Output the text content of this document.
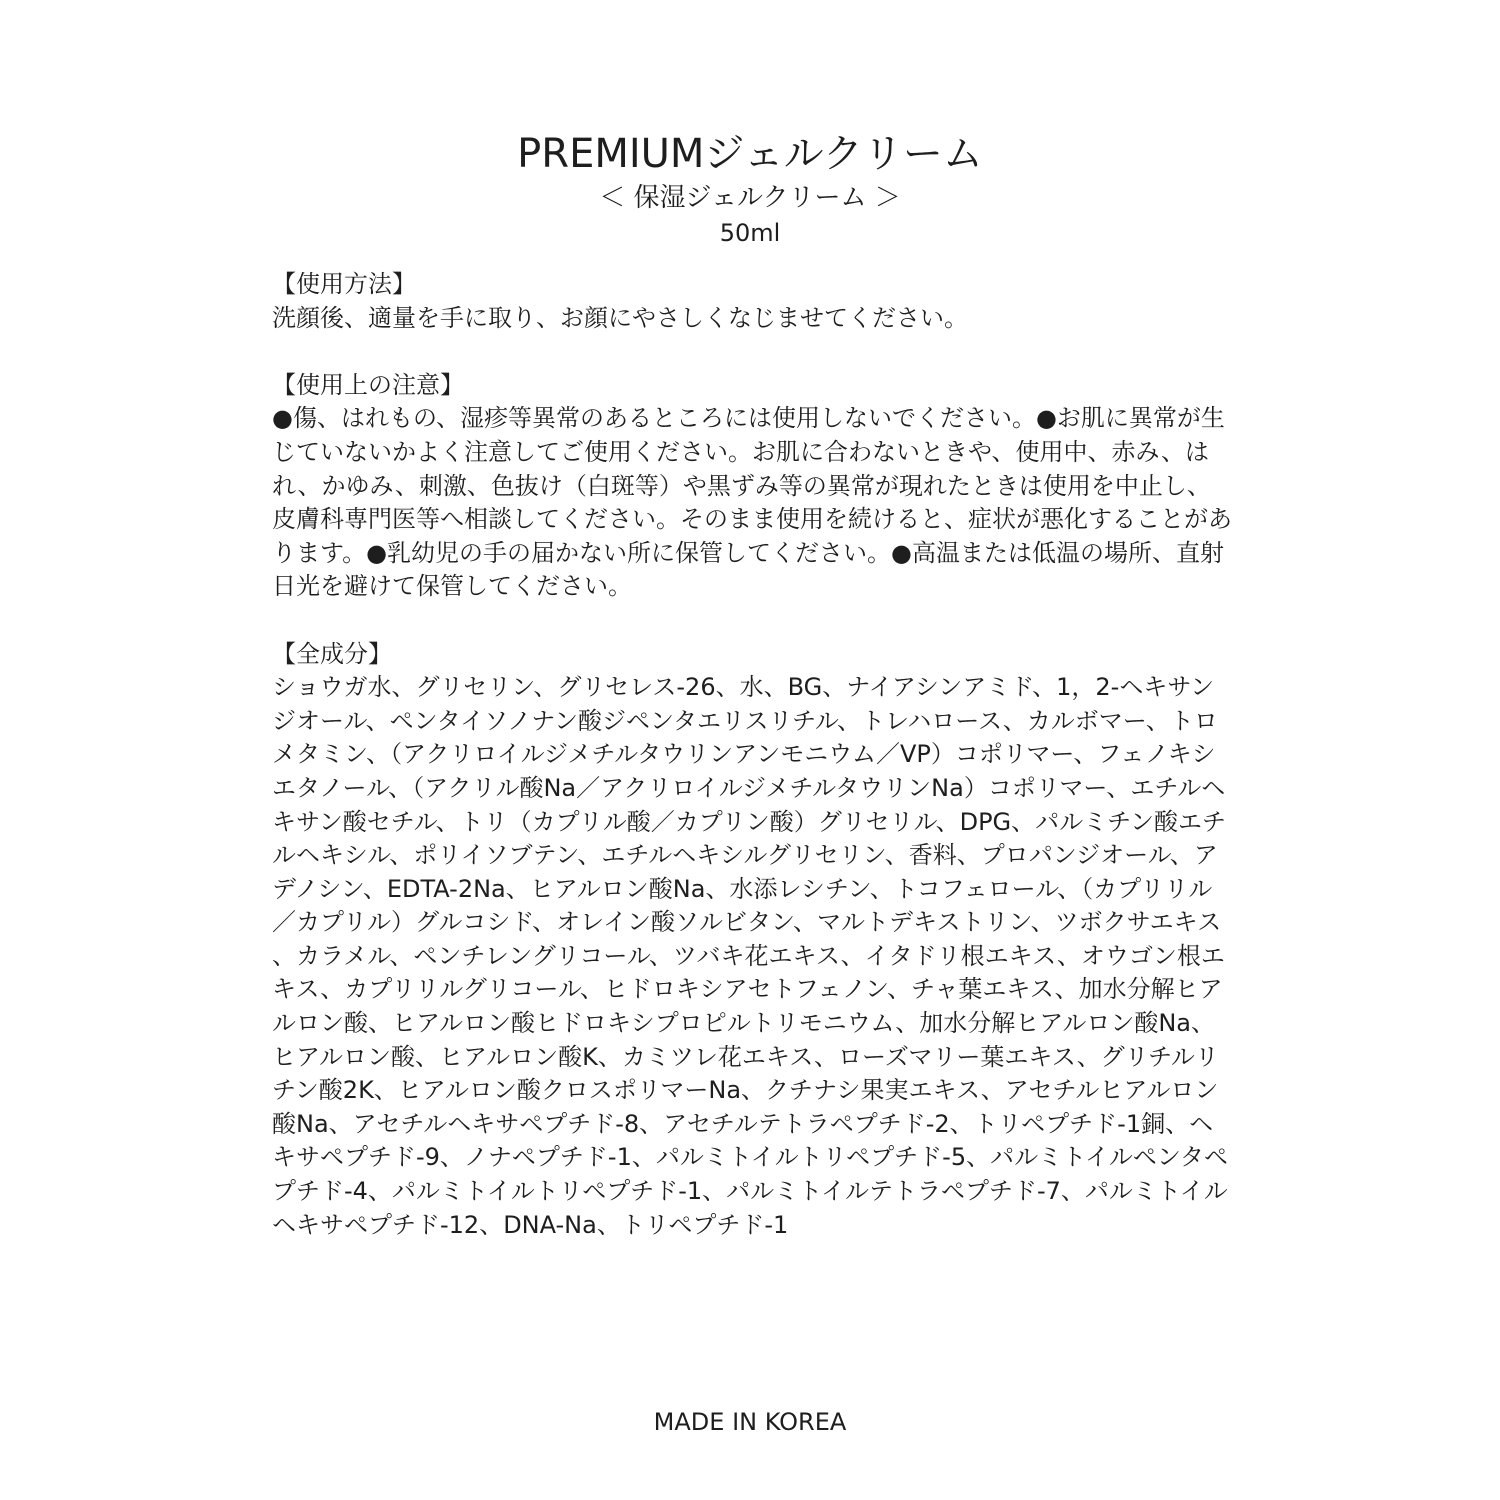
PREMIUMジェルクリーム
＜ 保湿ジェルクリーム ＞
50ml

【使用方法】

洗顔後、適量を手に取り、お顔にやさしくなじませてください。

【使用上の注意】

●傷、はれもの、湿疹等異常のあるところには使用しないでください。●お肌に異常が生じていないかよく注意してご使用ください。お肌に合わないときや、使用中、赤み、はれ、かゆみ、刺激、色抜け（白斑等）や黒ずみ等の異常が現れたときは使用を中止し、皮膚科専門医等へ相談してください。そのまま使用を続けると、症状が悪化することがあります。●乳幼児の手の届かない所に保管してください。●高温または低温の場所、直射日光を避けて保管してください。

【全成分】

ショウガ水、グリセリン、グリセレス-26、水、BG、ナイアシンアミド、1，2-ヘキサンジオール、ペンタイソノナン酸ジペンタエリスリチル、トレハロース、カルボマー、トロメタミン、（アクリロイルジメチルタウリンアンモニウム／VP）コポリマー、フェノキシエタノール、（アクリル酸Na／アクリロイルジメチルタウリンNa）コポリマー、エチルヘキサン酸セチル、トリ（カプリル酸／カプリン酸）グリセリル、DPG、パルミチン酸エチルヘキシル、ポリイソブテン、エチルヘキシルグリセリン、香料、プロパンジオール、アデノシン、EDTA-2Na、ヒアルロン酸Na、水添レシチン、トコフェロール、（カプリリル／カプリル）グルコシド、オレイン酸ソルビタン、マルトデキストリン、ツボクサエキス、カラメル、ペンチレングリコール、ツバキ花エキス、イタドリ根エキス、オウゴン根エキス、カプリリルグリコール、ヒドロキシアセトフェノン、チャ葉エキス、加水分解ヒアルロン酸、ヒアルロン酸ヒドロキシプロピルトリモニウム、加水分解ヒアルロン酸Na、ヒアルロン酸、ヒアルロン酸K、カミツレ花エキス、ローズマリー葉エキス、グリチルリチン酸2K、ヒアルロン酸クロスポリマーNa、クチナシ果実エキス、アセチルヒアルロン酸Na、アセチルヘキサペプチド-8、アセチルテトラペプチド-2、トリペプチド-1銅、ヘキサペプチド-9、ノナペプチド-1、パルミトイルトリペプチド-5、パルミトイルペンタペプチド-4、パルミトイルトリペプチド-1、パルミトイルテトラペプチド-7、パルミトイルヘキサペプチド-12、DNA-Na、トリペプチド-1

MADE IN KOREA
